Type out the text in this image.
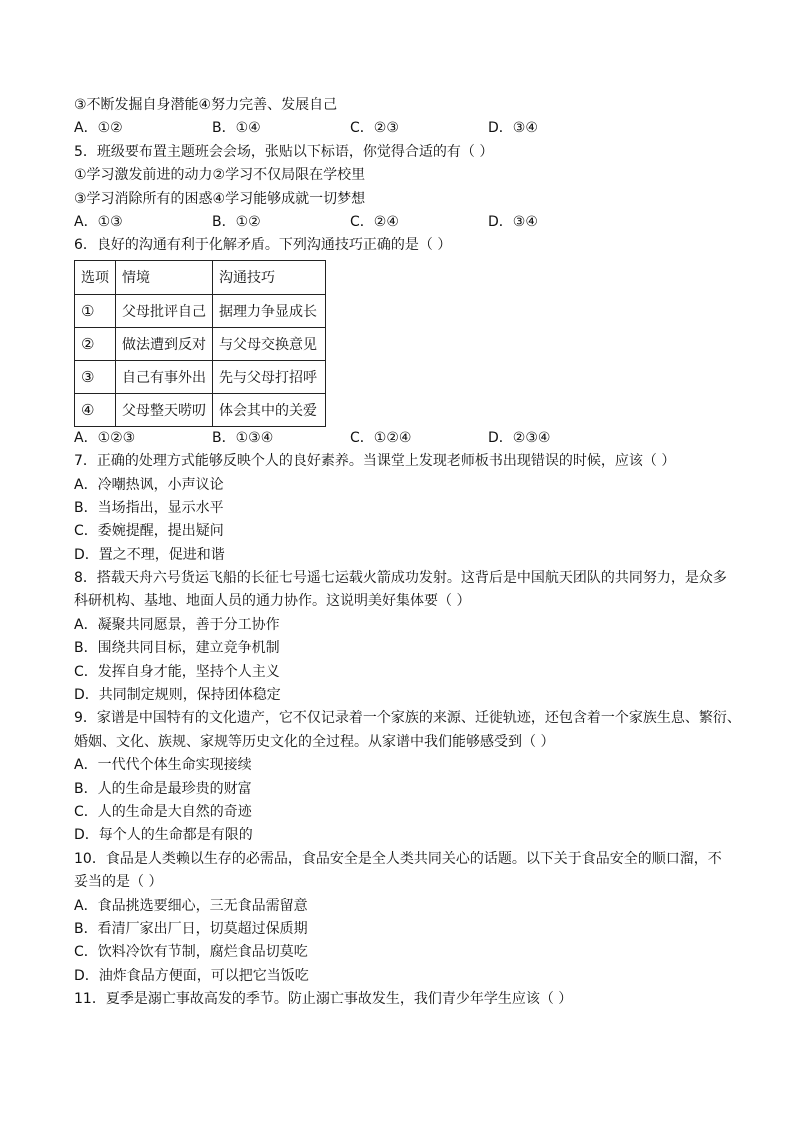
③不断发掘自身潜能④努力完善、发展自己
A．①②	B．①④	C．②③	D．③④
5．班级要布置主题班会会场，张贴以下标语，你觉得合适的有（ ）
①学习激发前进的动力②学习不仅局限在学校里
③学习消除所有的困惑④学习能够成就一切梦想
A．①③	B．①②	C．②④	D．③④
6．良好的沟通有利于化解矛盾。下列沟通技巧正确的是（ ）
选项	情境	沟通技巧
①	父母批评自己	据理力争显成长
②	做法遭到反对	与父母交换意见
③	自己有事外出	先与父母打招呼
④	父母整天唠叨	体会其中的关爱
A．①②③	B．①③④	C．①②④	D．②③④
7．正确的处理方式能够反映个人的良好素养。当课堂上发现老师板书出现错误的时候，应该（ ）
A．冷嘲热讽，小声议论
B．当场指出，显示水平
C．委婉提醒，提出疑问
D．置之不理，促进和谐
8．搭载天舟六号货运飞船的长征七号遥七运载火箭成功发射。这背后是中国航天团队的共同努力，是众多
科研机构、基地、地面人员的通力协作。这说明美好集体要（ ）
A．凝聚共同愿景，善于分工协作
B．围绕共同目标，建立竞争机制
C．发挥自身才能，坚持个人主义
D．共同制定规则，保持团体稳定
9．家谱是中国特有的文化遗产，它不仅记录着一个家族的来源、迁徙轨迹，还包含着一个家族生息、繁衍、
婚姻、文化、族规、家规等历史文化的全过程。从家谱中我们能够感受到（ ）
A．一代代个体生命实现接续
B．人的生命是最珍贵的财富
C．人的生命是大自然的奇迹
D．每个人的生命都是有限的
10．食品是人类赖以生存的必需品，食品安全是全人类共同关心的话题。以下关于食品安全的顺口溜，不
妥当的是（ ）
A．食品挑选要细心，三无食品需留意
B．看清厂家出厂日，切莫超过保质期
C．饮料冷饮有节制，腐烂食品切莫吃
D．油炸食品方便面，可以把它当饭吃
11．夏季是溺亡事故高发的季节。防止溺亡事故发生，我们青少年学生应该（ ）
